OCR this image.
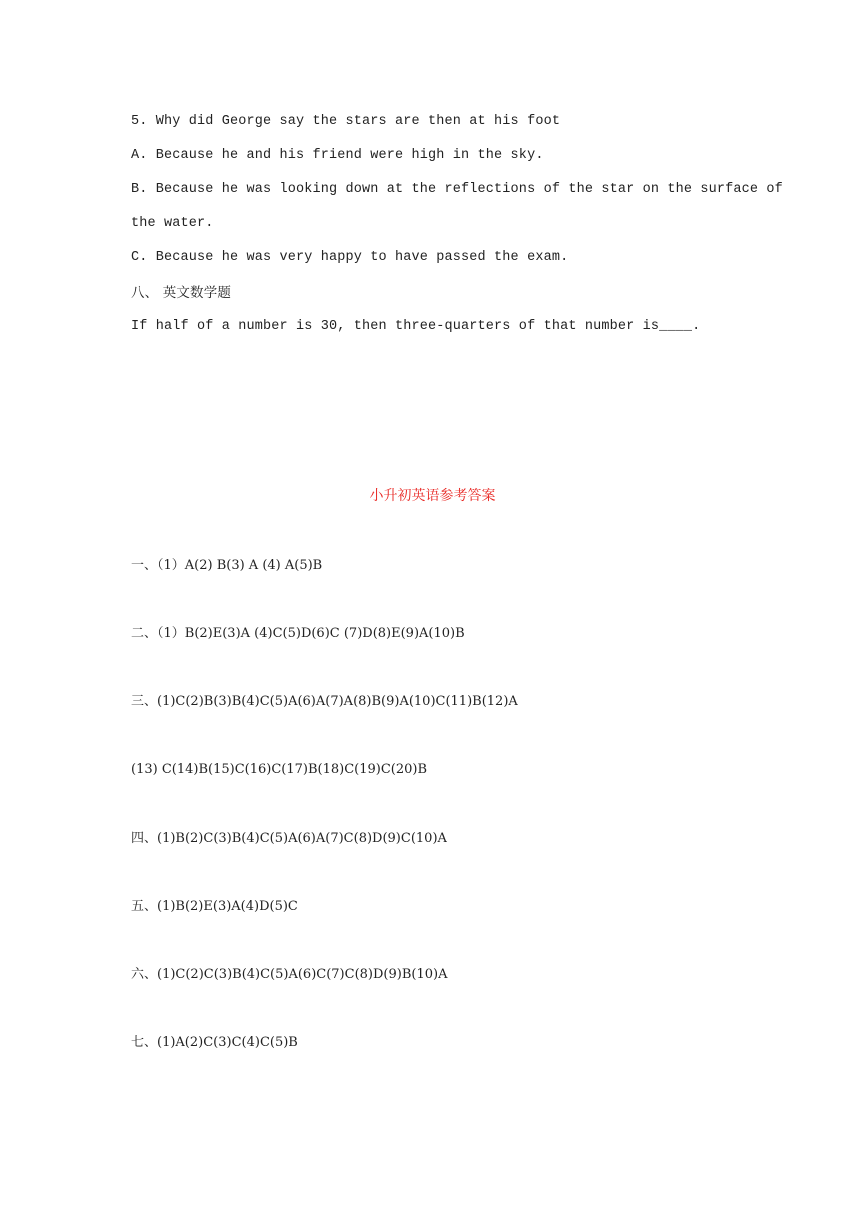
5. Why did George say the stars are then at his foot
A. Because he and his friend were high in the sky.
B. Because he was looking down at the reflections of the star on the surface of
the water.
C. Because he was very happy to have passed the exam.
八、 英文数学题
If half of a number is 30, then three-quarters of that number is____.
小升初英语参考答案
一、（1）A(2) B(3) A (4) A(5)B
二、（1）B(2)E(3)A (4)C(5)D(6)C (7)D(8)E(9)A(10)B
三、(1)C(2)B(3)B(4)C(5)A(6)A(7)A(8)B(9)A(10)C(11)B(12)A
(13) C(14)B(15)C(16)C(17)B(18)C(19)C(20)B
四、(1)B(2)C(3)B(4)C(5)A(6)A(7)C(8)D(9)C(10)A
五、(1)B(2)E(3)A(4)D(5)C
六、(1)C(2)C(3)B(4)C(5)A(6)C(7)C(8)D(9)B(10)A
七、(1)A(2)C(3)C(4)C(5)B
